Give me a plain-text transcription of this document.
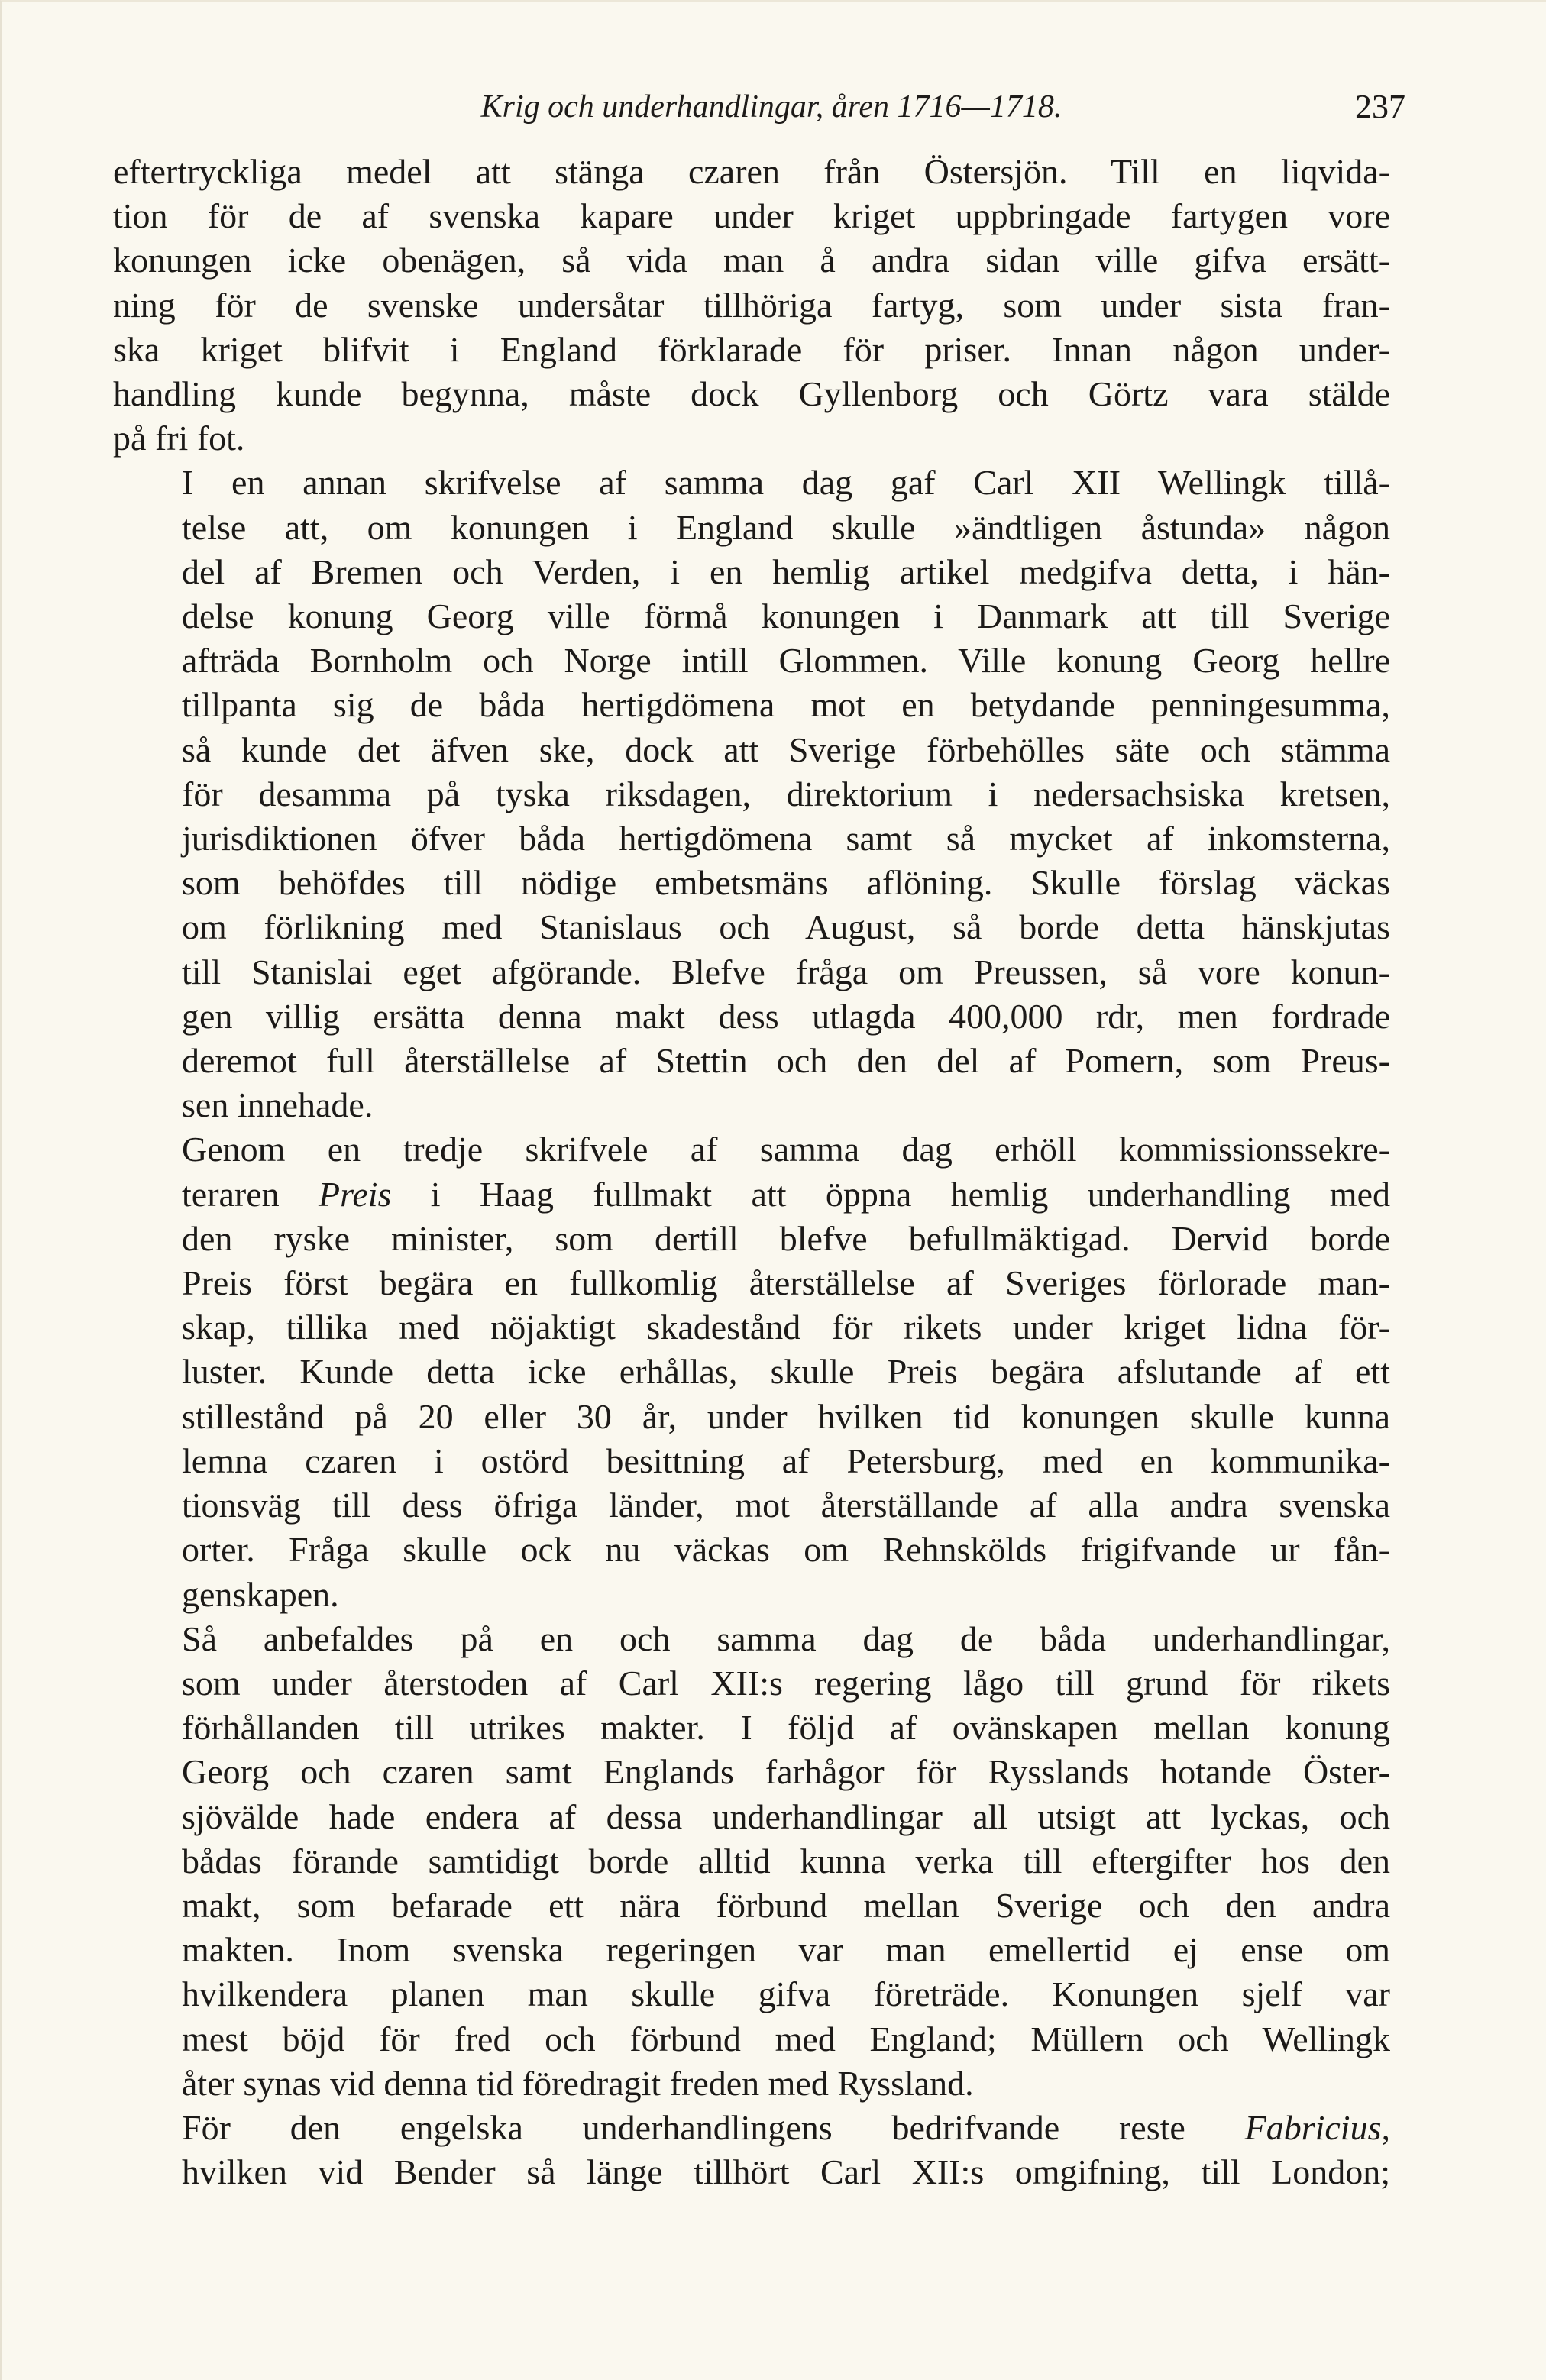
Krig och underhandlingar, åren 1716—1718.	237

eftertryckliga medel att stänga czaren från Östersjön. Till en liqvida-
tion för de af svenska kapare under kriget uppbringade fartygen vore
konungen icke obenägen, så vida man å andra sidan ville gifva ersätt-
ning för de svenske undersåtar tillhöriga fartyg, som under sista fran-
ska kriget blifvit i England förklarade för priser. Innan någon under-
handling kunde begynna, måste dock Gyllenborg och Görtz vara stälde
på fri fot.

I en annan skrifvelse af samma dag gaf Carl XII Wellingk tillå-
telse att, om konungen i England skulle »ändtligen åstunda» någon
del af Bremen och Verden, i en hemlig artikel medgifva detta, i hän-
delse konung Georg ville förmå konungen i Danmark att till Sverige
afträda Bornholm och Norge intill Glommen. Ville konung Georg hellre
tillpanta sig de båda hertigdömena mot en betydande penningesumma,
så kunde det äfven ske, dock att Sverige förbehölles säte och stämma
för desamma på tyska riksdagen, direktorium i nedersachsiska kretsen,
jurisdiktionen öfver båda hertigdömena samt så mycket af inkomsterna,
som behöfdes till nödige embetsmäns aflöning. Skulle förslag väckas
om förlikning med Stanislaus och August, så borde detta hänskjutas
till Stanislai eget afgörande. Blefve fråga om Preussen, så vore konun-
gen villig ersätta denna makt dess utlagda 400,000 rdr, men fordrade
deremot full återställelse af Stettin och den del af Pomern, som Preus-
sen innehade.

Genom en tredje skrifvele af samma dag erhöll kommissionssekre-
teraren Preis i Haag fullmakt att öppna hemlig underhandling med
den ryske minister, som dertill blefve befullmäktigad. Dervid borde
Preis först begära en fullkomlig återställelse af Sveriges förlorade man-
skap, tillika med nöjaktigt skadestånd för rikets under kriget lidna för-
luster. Kunde detta icke erhållas, skulle Preis begära afslutande af ett
stillestånd på 20 eller 30 år, under hvilken tid konungen skulle kunna
lemna czaren i ostörd besittning af Petersburg, med en kommunika-
tionsväg till dess öfriga länder, mot återställande af alla andra svenska
orter. Fråga skulle ock nu väckas om Rehnskölds frigifvande ur fån-
genskapen.

Så anbefaldes på en och samma dag de båda underhandlingar,
som under återstoden af Carl XII:s regering lågo till grund för rikets
förhållanden till utrikes makter. I följd af ovänskapen mellan konung
Georg och czaren samt Englands farhågor för Rysslands hotande Öster-
sjövälde hade endera af dessa underhandlingar all utsigt att lyckas, och
bådas förande samtidigt borde alltid kunna verka till eftergifter hos den
makt, som befarade ett nära förbund mellan Sverige och den andra
makten. Inom svenska regeringen var man emellertid ej ense om
hvilkendera planen man skulle gifva företräde. Konungen sjelf var
mest böjd för fred och förbund med England; Müllern och Wellingk
åter synas vid denna tid föredragit freden med Ryssland.

För den engelska underhandlingens bedrifvande reste Fabricius,
hvilken vid Bender så länge tillhört Carl XII:s omgifning, till London;
